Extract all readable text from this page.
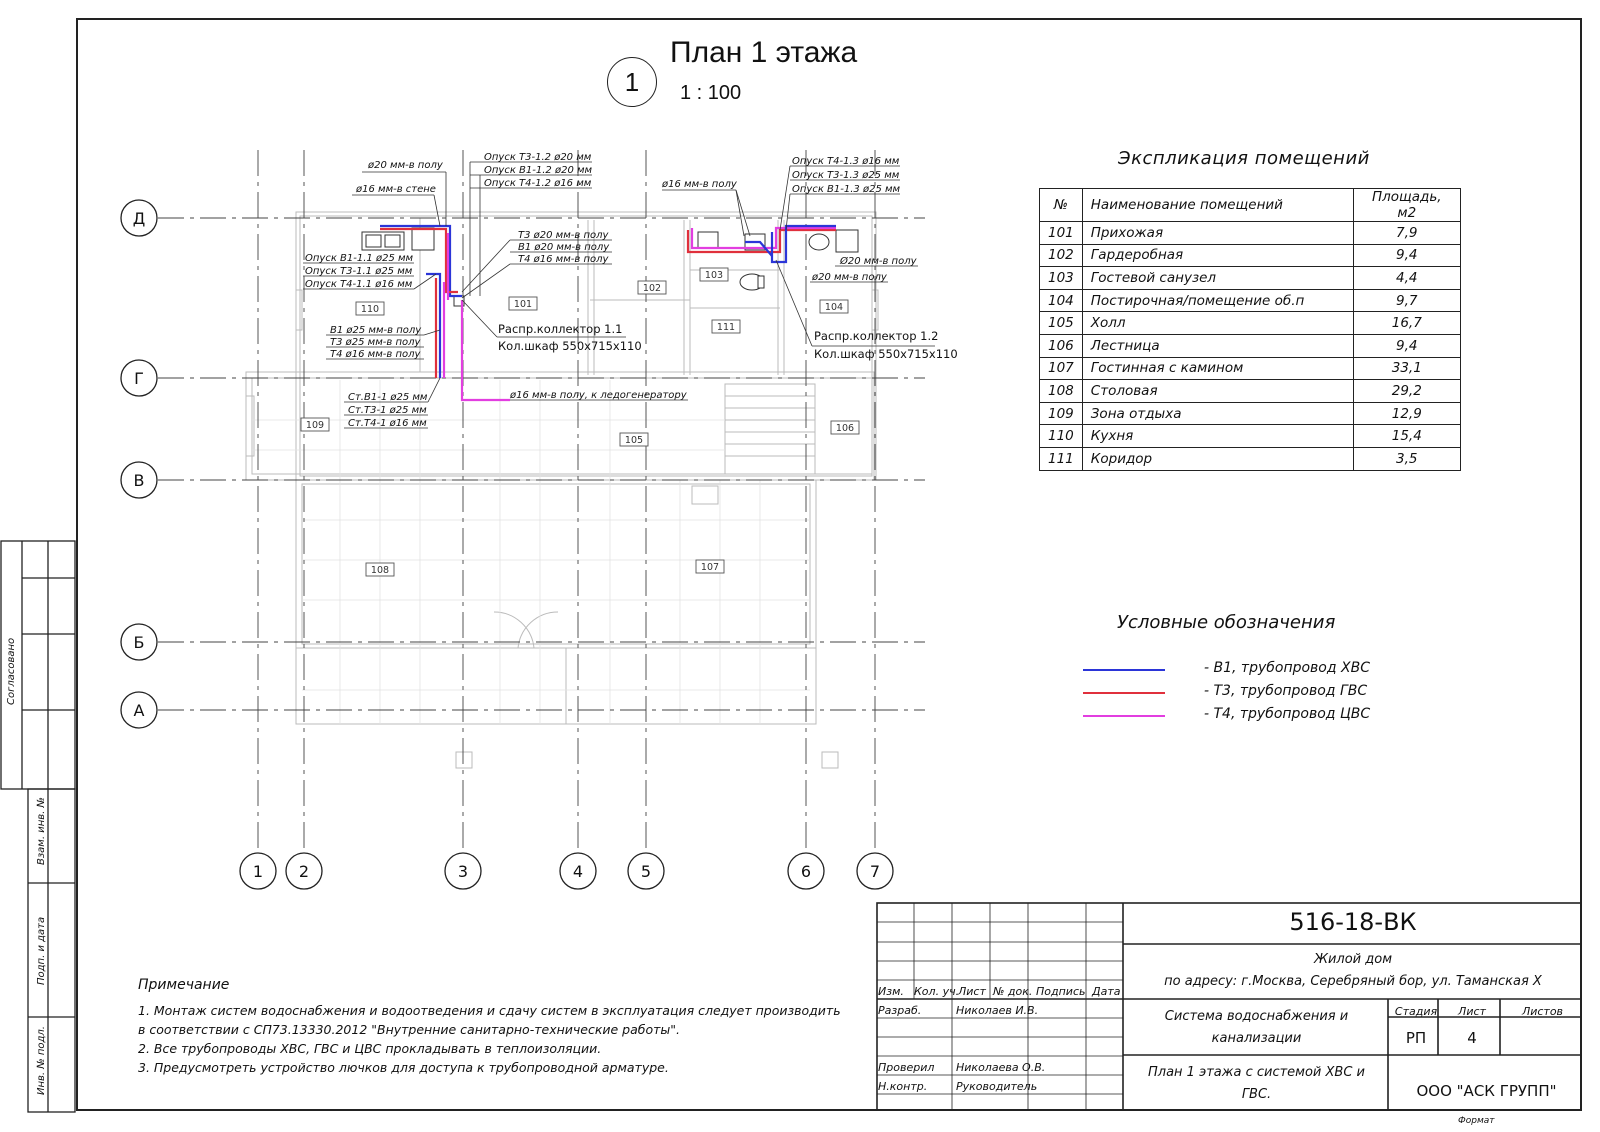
Согласовано
Взам. инв. №
Подп. и дата
Инв. № подл.
1
План 1 этажа
1 : 100
Д
Г
В
Б
А
1 2	3	4	5	6	7
ø20 мм-в полу
ø16 мм-в стене
Опуск В1-1.1 ø25 мм
Опуск Т3-1.1 ø25 мм
Опуск Т4-1.1 ø16 мм
В1 ø25 мм-в полу
Т3 ø25 мм-в полу
Т4 ø16 мм-в полу
Ст.В1-1 ø25 мм
Ст.Т3-1 ø25 мм
Ст.Т4-1 ø16 мм
Опуск Т3-1.2 ø20 мм
Опуск В1-1.2 ø20 мм
Опуск Т4-1.2 ø16 мм
Т3 ø20 мм-в полу
В1 ø20 мм-в полу
Т4 ø16 мм-в полу
ø16 мм-в полу
Опуск Т4-1.3 ø16 мм
Опуск Т3-1.3 ø25 мм
Опуск В1-1.3 ø25 мм
Ø20 мм-в полу
ø20 мм-в полу
ø16 мм-в полу, к ледогенератору
Распр.коллектор 1.1
Кол.шкаф 550х715х110
Распр.коллектор 1.2
Кол.шкаф 550х715х110
110	101
102
103
104
111
109
105
106
108	107
Экспликация помещений
№	Наименование помещений	Площадь, м2
101	Прихожая	7,9
102	Гардеробная	9,4
103	Гостевой санузел	4,4
104	Постирочная/помещение об.п	9,7
105	Холл	16,7
106	Лестница	9,4
107	Гостинная с камином	33,1
108	Столовая	29,2
109	Зона отдыха	12,9
110	Кухня	15,4
111	Коридор	3,5
Условные обозначения
- В1, трубопровод ХВС
- Т3, трубопровод ГВС
- Т4, трубопровод ЦВС
Примечание
1. Монтаж систем водоснабжения и водоотведения и сдачу систем в эксплуатация следует производить
в соответствии с СП73.13330.2012 "Внутренние санитарно-технические работы".
2. Все трубопроводы ХВС, ГВС и ЦВС прокладывать в теплоизоляции.
3. Предусмотреть устройство лючков для доступа к трубопроводной арматуре.
Изм. Кол. уч.
Лист № док. Подпись Дата
Разраб.	Николаев И.В.
Проверил Николаева О.В.
Н.контр.	Руководитель
516-18-ВК
Жилой дом
по адресу: г.Москва, Серебряный бор, ул. Таманская Х
Система водоснабжения и
канализации
План 1 этажа с системой ХВС и
ГВС.
Стадия	Лист	Листов
РП	4
ООО "АСК ГРУПП"
Формат
